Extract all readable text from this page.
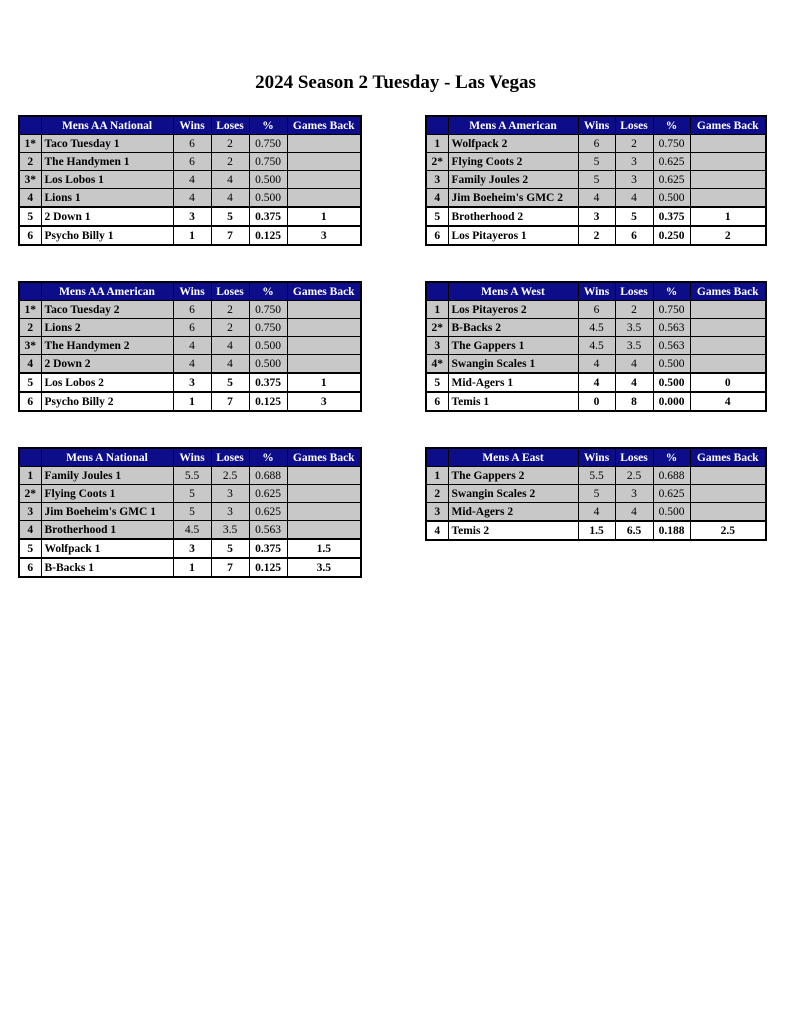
2024 Season 2 Tuesday - Las Vegas
	Mens AA National	Wins	Loses	%	Games Back
1*	Taco Tuesday 1	6	2	0.750	
2	The Handymen 1	6	2	0.750	
3*	Los Lobos 1	4	4	0.500	
4	Lions 1	4	4	0.500	
5	2 Down 1	3	5	0.375	1
6	Psycho Billy 1	1	7	0.125	3
	Mens A American	Wins	Loses	%	Games Back
1	Wolfpack 2	6	2	0.750	
2*	Flying Coots 2	5	3	0.625	
3	Family Joules 2	5	3	0.625	
4	Jim Boeheim's GMC 2	4	4	0.500	
5	Brotherhood 2	3	5	0.375	1
6	Los Pitayeros 1	2	6	0.250	2
	Mens AA American	Wins	Loses	%	Games Back
1*	Taco Tuesday 2	6	2	0.750	
2	Lions 2	6	2	0.750	
3*	The Handymen 2	4	4	0.500	
4	2 Down 2	4	4	0.500	
5	Los Lobos 2	3	5	0.375	1
6	Psycho Billy 2	1	7	0.125	3
	Mens A West	Wins	Loses	%	Games Back
1	Los Pitayeros 2	6	2	0.750	
2*	B-Backs 2	4.5	3.5	0.563	
3	The Gappers 1	4.5	3.5	0.563	
4*	Swangin Scales 1	4	4	0.500	
5	Mid-Agers 1	4	4	0.500	0
6	Temis 1	0	8	0.000	4
	Mens A National	Wins	Loses	%	Games Back
1	Family Joules 1	5.5	2.5	0.688	
2*	Flying Coots 1	5	3	0.625	
3	Jim Boeheim's GMC 1	5	3	0.625	
4	Brotherhood 1	4.5	3.5	0.563	
5	Wolfpack 1	3	5	0.375	1.5
6	B-Backs 1	1	7	0.125	3.5
	Mens A East	Wins	Loses	%	Games Back
1	The Gappers 2	5.5	2.5	0.688	
2	Swangin Scales 2	5	3	0.625	
3	Mid-Agers 2	4	4	0.500	
4	Temis 2	1.5	6.5	0.188	2.5
